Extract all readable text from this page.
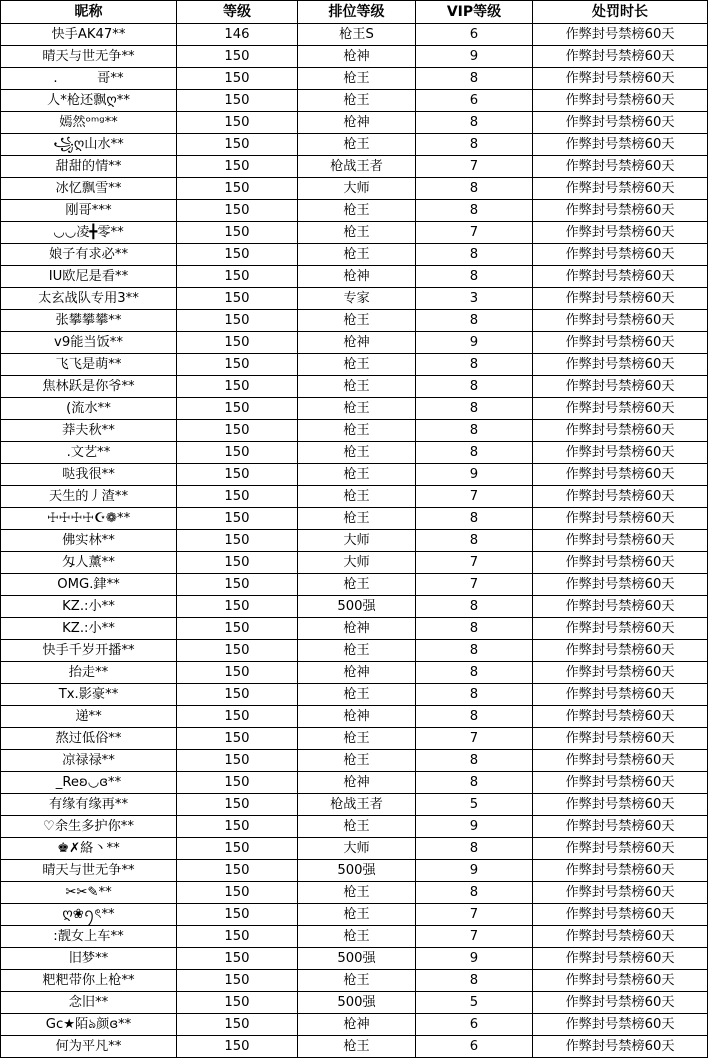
昵称	等级	排位等级	VIP等级	处罚时长
快手AK47**	146	枪王S	6	作弊封号禁榜60天
晴天与世无争**	150	枪神	9	作弊封号禁榜60天
.　　　哥**	150	枪王	8	作弊封号禁榜60天
人*枪还飘ღ**	150	枪王	6	作弊封号禁榜60天
嫣然ᵒᵐᵍ**	150	枪神	8	作弊封号禁榜60天
꧁ღ山水**	150	枪王	8	作弊封号禁榜60天
甜甜的情**	150	枪战王者	7	作弊封号禁榜60天
冰忆飘雪**	150	大师	8	作弊封号禁榜60天
刚哥***	150	枪王	8	作弊封号禁榜60天
◡◡凌╋零**	150	枪王	7	作弊封号禁榜60天
娘子有求必**	150	枪王	8	作弊封号禁榜60天
IU欧尼是看**	150	枪神	8	作弊封号禁榜60天
太玄战队专用3**	150	专家	3	作弊封号禁榜60天
张攀攀攀**	150	枪王	8	作弊封号禁榜60天
v9能当饭**	150	枪神	9	作弊封号禁榜60天
飞飞是萌**	150	枪王	8	作弊封号禁榜60天
焦林跃是你爷**	150	枪王	8	作弊封号禁榜60天
(流水**	150	枪王	8	作弊封号禁榜60天
莽夫秋**	150	枪王	8	作弊封号禁榜60天
.文艺**	150	枪王	8	作弊封号禁榜60天
哒我很**	150	枪王	9	作弊封号禁榜60天
天生的丿渣**	150	枪王	7	作弊封号禁榜60天
☩☩☩☩☪❁**	150	枪王	8	作弊封号禁榜60天
佛实林**	150	大师	8	作弊封号禁榜60天
匁人薰**	150	大师	7	作弊封号禁榜60天
OMG.銉**	150	枪王	7	作弊封号禁榜60天
KZ.:小**	150	500强	8	作弊封号禁榜60天
KZ.:小**	150	枪神	8	作弊封号禁榜60天
快手千岁开播**	150	枪王	8	作弊封号禁榜60天
抬走**	150	枪神	8	作弊封号禁榜60天
Tx.影豪**	150	枪王	8	作弊封号禁榜60天
递**	150	枪神	8	作弊封号禁榜60天
熬过低俗**	150	枪王	7	作弊封号禁榜60天
凉禄禄**	150	枪王	8	作弊封号禁榜60天
_Reʚ◡ɞ**	150	枪神	8	作弊封号禁榜60天
有缘有缘再**	150	枪战王者	5	作弊封号禁榜60天
♡余生多护你**	150	枪王	9	作弊封号禁榜60天
♚✗絡丶**	150	大师	8	作弊封号禁榜60天
晴天与世无争**	150	500强	9	作弊封号禁榜60天
✂✂✎**	150	枪王	8	作弊封号禁榜60天
ღ❀ꪆৎ**	150	枪王	7	作弊封号禁榜60天
:靓女上车**	150	枪王	7	作弊封号禁榜60天
旧梦**	150	500强	9	作弊封号禁榜60天
粑粑带你上枪**	150	枪王	8	作弊封号禁榜60天
念旧**	150	500强	5	作弊封号禁榜60天
Gc★陌ঌ颜ɞ**	150	枪神	6	作弊封号禁榜60天
何为平凡**	150	枪王	6	作弊封号禁榜60天
